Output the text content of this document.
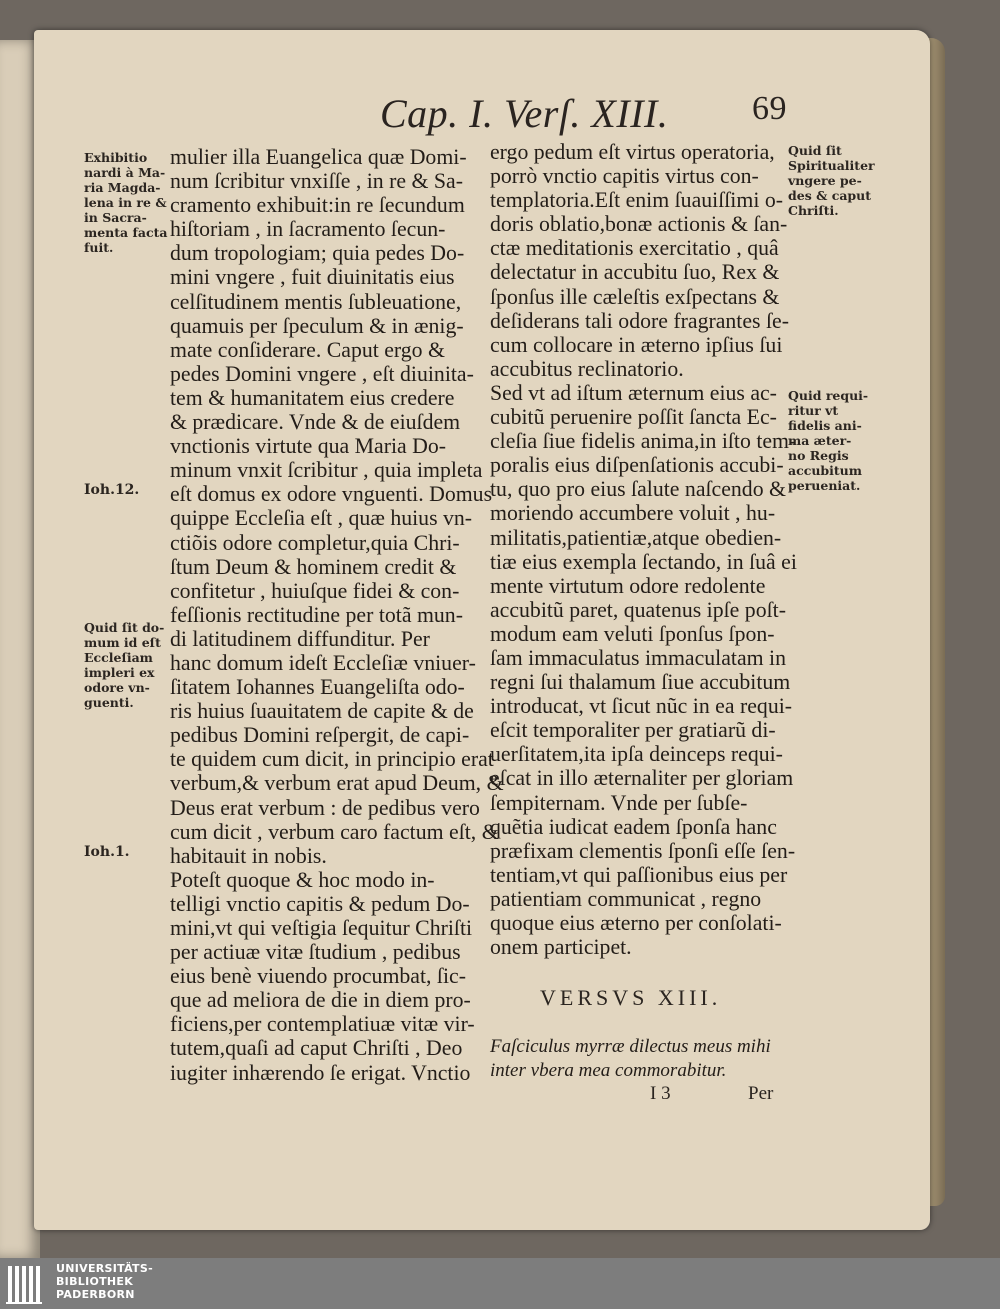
Cap. I. Verſ. XIII. 69
Exhibitio
nardi à Ma-
ria Magda-
lena in re &
in Sacra-
menta facta
fuit.
Ioh.12.
Quid ſit do-
mum id eſt
Eccleſiam
impleri ex
odore vn-
guenti.
Ioh.1.
Quid ſit
Spiritualiter
vngere pe-
des & caput
Chriſti.
Quid requi-
ritur vt
fidelis ani-
ma æter-
no Regis
accubitum
perueniat.
mulier illa Euangelica quæ Domi-
num ſcribitur vnxiſſe , in re & Sa-
cramento exhibuit:in re ſecundum
hiſtoriam , in ſacramento ſecun-
dum tropologiam; quia pedes Do-
mini vngere , fuit diuinitatis eius
celſitudinem mentis ſubleuatione,
quamuis per ſpeculum & in ænig-
mate conſiderare. Caput ergo &
pedes Domini vngere , eſt diuinita-
tem & humanitatem eius credere
& prædicare. Vnde & de eiuſdem
vnctionis virtute qua Maria Do-
minum vnxit ſcribitur , quia impleta
eſt domus ex odore vnguenti. Domus
quippe Eccleſia eſt , quæ huius vn-
ctiõis odore completur,quia Chri-
ſtum Deum & hominem credit &
confitetur , huiuſque fidei & con-
feſſionis rectitudine per totã mun-
di latitudinem diffunditur. Per
hanc domum ideſt Eccleſiæ vniuer-
ſitatem Iohannes Euangeliſta odo-
ris huius ſuauitatem de capite & de
pedibus Domini reſpergit, de capi-
te quidem cum dicit, in principio erat
verbum,& verbum erat apud Deum, &
Deus erat verbum : de pedibus vero
cum dicit , verbum caro factum eſt, &
habitauit in nobis.
Poteſt quoque & hoc modo in-
telligi vnctio capitis & pedum Do-
mini,vt qui veſtigia ſequitur Chriſti
per actiuæ vitæ ſtudium , pedibus
eius benè viuendo procumbat, ſic-
que ad meliora de die in diem pro-
ficiens,per contemplatiuæ vitæ vir-
tutem,quaſi ad caput Chriſti , Deo
iugiter inhærendo ſe erigat. Vnctio
ergo pedum eſt virtus operatoria,
porrò vnctio capitis virtus con-
templatoria.Eſt enim ſuauiſſimi o-
doris oblatio,bonæ actionis & ſan-
ctæ meditationis exercitatio , quâ
delectatur in accubitu ſuo, Rex &
ſponſus ille cæleſtis exſpectans &
deſiderans tali odore fragrantes ſe-
cum collocare in æterno ipſius ſui
accubitus reclinatorio.
Sed vt ad iſtum æternum eius ac-
cubitũ peruenire poſſit ſancta Ec-
cleſia ſiue fidelis anima,in iſto tem-
poralis eius diſpenſationis accubi-
tu, quo pro eius ſalute naſcendo &
moriendo accumbere voluit , hu-
militatis,patientiæ,atque obedien-
tiæ eius exempla ſectando, in ſuâ ei
mente virtutum odore redolente
accubitũ paret, quatenus ipſe poſt-
modum eam veluti ſponſus ſpon-
ſam immaculatus immaculatam in
regni ſui thalamum ſiue accubitum
introducat, vt ſicut nũc in ea requi-
eſcit temporaliter per gratiarũ di-
uerſitatem,ita ipſa deinceps requi-
eſcat in illo æternaliter per gloriam
ſempiternam. Vnde per ſubſe-
quẽtia iudicat eadem ſponſa hanc
præfixam clementis ſponſi eſſe ſen-
tentiam,vt qui paſſionibus eius per
patientiam communicat , regno
quoque eius æterno per conſolati-
onem participet.
VERSVS XIII.
Faſciculus myrræ dilectus meus mihi
inter vbera mea commorabitur.
I 3	Per
UNIVERSITÄTS-
BIBLIOTHEK
PADERBORN
